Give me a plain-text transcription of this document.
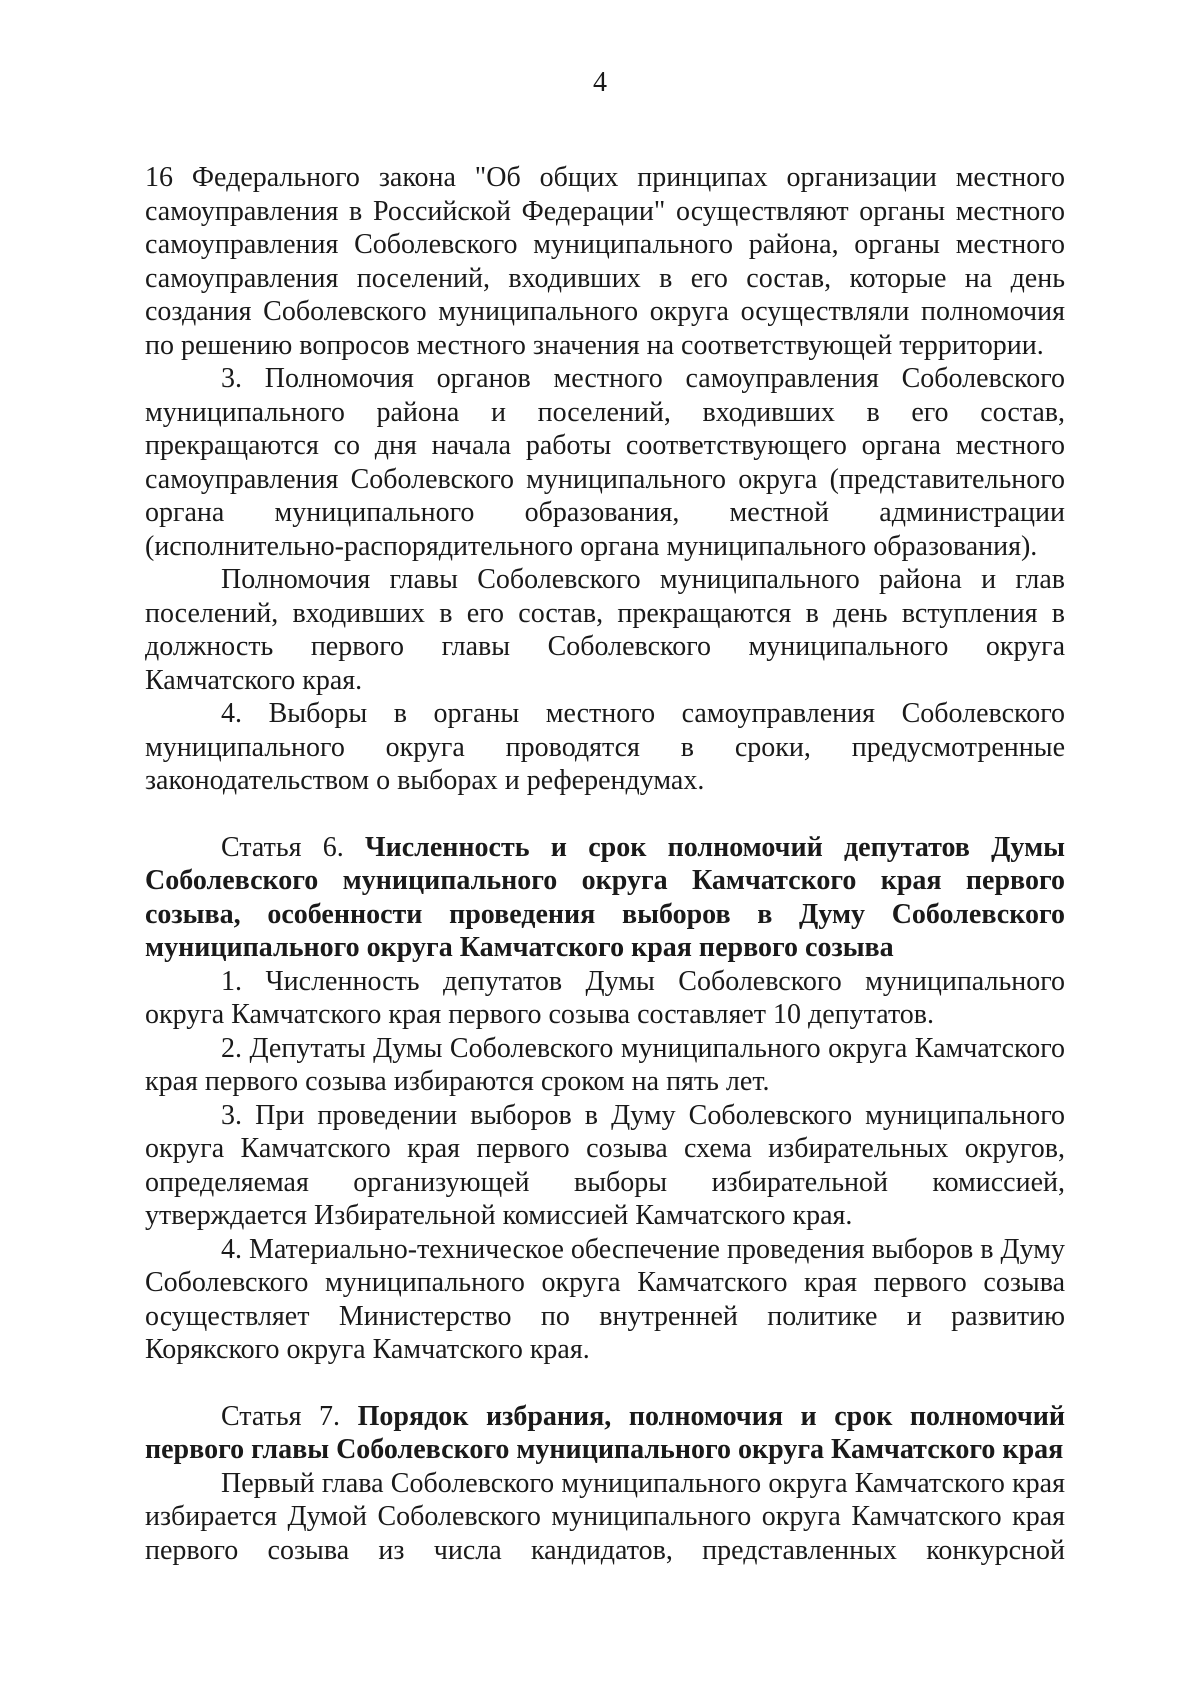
4

16 Федерального закона "Об общих принципах организации местного самоуправления в Российской Федерации" осуществляют органы местного самоуправления Соболевского муниципального района, органы местного самоуправления поселений, входивших в его состав, которые на день создания Соболевского муниципального округа осуществляли полномочия по решению вопросов местного значения на соответствующей территории.

3. Полномочия органов местного самоуправления Соболевского муниципального района и поселений, входивших в его состав, прекращаются со дня начала работы соответствующего органа местного самоуправления Соболевского муниципального округа (представительного органа муниципального образования, местной администрации (исполнительно-распорядительного органа муниципального образования).

Полномочия главы Соболевского муниципального района и глав поселений, входивших в его состав, прекращаются в день вступления в должность первого главы Соболевского муниципального округа Камчатского края.

4. Выборы в органы местного самоуправления Соболевского муниципального округа проводятся в сроки, предусмотренные законодательством о выборах и референдумах.

Статья 6. Численность и срок полномочий депутатов Думы Соболевского муниципального округа Камчатского края первого созыва, особенности проведения выборов в Думу Соболевского муниципального округа Камчатского края первого созыва

1. Численность депутатов Думы Соболевского муниципального округа Камчатского края первого созыва составляет 10 депутатов.

2. Депутаты Думы Соболевского муниципального округа Камчатского края первого созыва избираются сроком на пять лет.

3. При проведении выборов в Думу Соболевского муниципального округа Камчатского края первого созыва схема избирательных округов, определяемая организующей выборы избирательной комиссией, утверждается Избирательной комиссией Камчатского края.

4. Материально-техническое обеспечение проведения выборов в Думу Соболевского муниципального округа Камчатского края первого созыва осуществляет Министерство по внутренней политике и развитию Корякского округа Камчатского края.

Статья 7. Порядок избрания, полномочия и срок полномочий первого главы Соболевского муниципального округа Камчатского края

Первый глава Соболевского муниципального округа Камчатского края избирается Думой Соболевского муниципального округа Камчатского края первого созыва из числа кандидатов, представленных конкурсной
